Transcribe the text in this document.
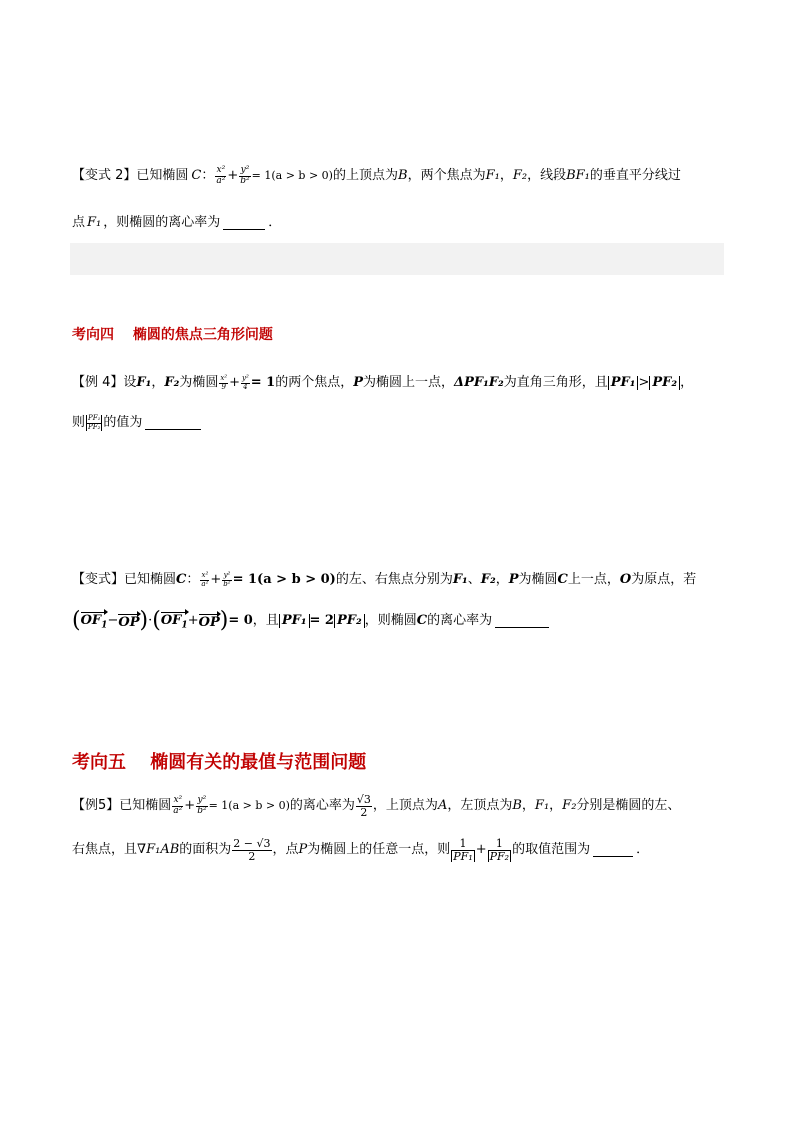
【变式 2】 已知椭圆 C ： $\frac{\text{x²}}{\text{a²}} + \frac{\text{y²}}{\text{b²}} = 1(a > b > 0)$ 的上顶点为 B ，两个焦点为 F₁ ， F₂ ，线段 BF₁ 的垂直平分线过
点 F₁ ，则椭圆的离心率为	．
考向四　 椭圆的焦点三角形问题
【例 4】 设 F₁ ， F₂ 为椭圆 $\frac{\text{x²}}{9} + \frac{\text{y²}}{4} = 1$ 的两个焦点， P 为椭圆上一点， ΔPF₁F₂ 为直角三角形，且 PF₁ > PF₂ ，
则 $\frac{\text{PF₁}}{\text{PF₂}}$ 的值为
【变式】 已知椭圆 C ： $\frac{\text{x²}}{\text{a²}} + \frac{\text{y²}}{\text{b²}} = 1(a > b > 0)$ 的左、右焦点分别为 F₁ 、 F₂ ， P 为椭圆 C 上一点， O 为原点，若
( $OF_1$ − OP ) · ( $OF_1$ + OP ) = 0 ，且 PF₁ = 2 PF₂ ，则椭圆 C 的离心率为
考向五　 椭圆有关的最值与范围问题
【例5】 已知椭圆 $\frac{\text{x²}}{\text{a²}} + \frac{\text{y²}}{\text{b²}} = 1(a > b > 0)$ 的离心率为 $\frac{√3}{2}$ ，上顶点为 A ，左顶点为 B ， F₁ ， F₂ 分别是椭圆的左、
右焦点，且 ∇F₁AB 的面积为 $\frac{2 - √3}{2}$ ，点 P 为椭圆上的任意一点，则 $\frac{1}{\text{PF₁}} + \frac{1}{\text{PF₂}}$ 的取值范围为	．
